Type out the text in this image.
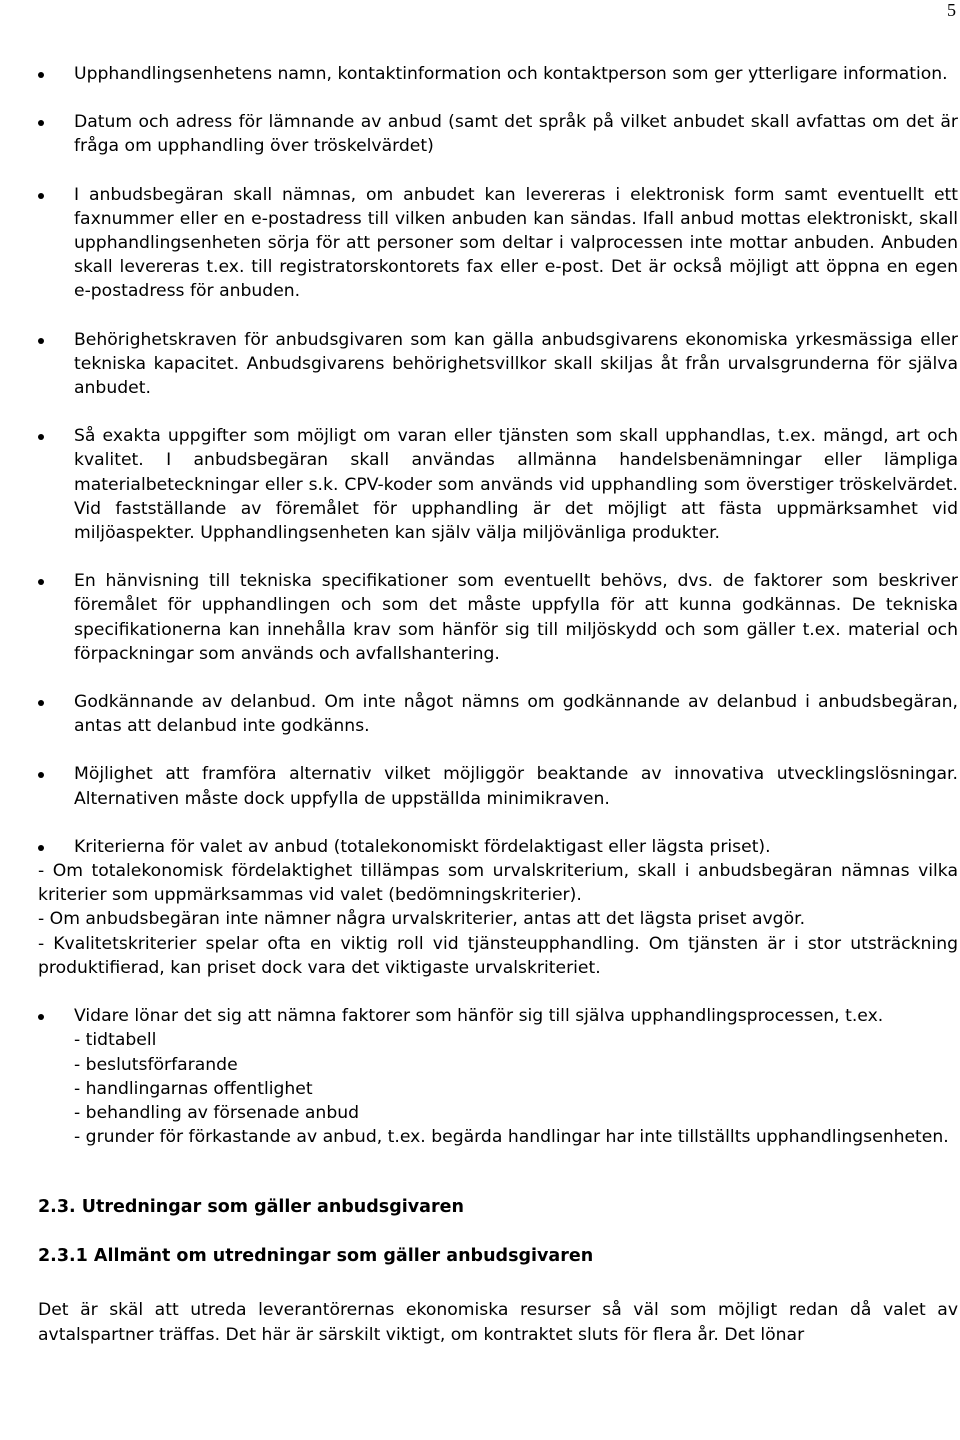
5

Upphandlingsenhetens namn, kontaktinformation och kontaktperson som ger ytterligare information.

Datum och adress för lämnande av anbud (samt det språk på vilket anbudet skall avfattas om det är fråga om upphandling över tröskelvärdet)

I anbudsbegäran skall nämnas, om anbudet kan levereras i elektronisk form samt eventuellt ett faxnummer eller en e-postadress till vilken anbuden kan sändas. Ifall anbud mottas elektroniskt, skall upphandlingsenheten sörja för att personer som deltar i valprocessen inte mottar anbuden. Anbuden skall levereras t.ex. till registratorskontorets fax eller e-post. Det är också möjligt att öppna en egen e-postadress för anbuden.

Behörighetskraven för anbudsgivaren som kan gälla anbudsgivarens ekonomiska yrkesmässiga eller tekniska kapacitet. Anbudsgivarens behörighetsvillkor skall skiljas åt från urvalsgrunderna för själva anbudet.

Så exakta uppgifter som möjligt om varan eller tjänsten som skall upphandlas, t.ex. mängd, art och kvalitet. I anbudsbegäran skall användas allmänna handelsbenämningar eller lämpliga materialbeteckningar eller s.k. CPV-koder som används vid upphandling som överstiger tröskelvärdet. Vid fastställande av föremålet för upphandling är det möjligt att fästa uppmärksamhet vid miljöaspekter. Upphandlingsenheten kan själv välja miljövänliga produkter.

En hänvisning till tekniska specifikationer som eventuellt behövs, dvs. de faktorer som beskriver föremålet för upphandlingen och som det måste uppfylla för att kunna godkännas. De tekniska specifikationerna kan innehålla krav som hänför sig till miljöskydd och som gäller t.ex. material och förpackningar som används och avfallshantering.

Godkännande av delanbud. Om inte något nämns om godkännande av delanbud i anbudsbegäran, antas att delanbud inte godkänns.

Möjlighet att framföra alternativ vilket möjliggör beaktande av innovativa utvecklingslösningar. Alternativen måste dock uppfylla de uppställda minimikraven.

Kriterierna för valet av anbud (totalekonomiskt fördelaktigast eller lägsta priset).

- Om totalekonomisk fördelaktighet tillämpas som urvalskriterium, skall i anbudsbegäran nämnas vilka kriterier som uppmärksammas vid valet (bedömningskriterier).

- Om anbudsbegäran inte nämner några urvalskriterier, antas att det lägsta priset avgör.

- Kvalitetskriterier spelar ofta en viktig roll vid tjänsteupphandling. Om tjänsten är i stor utsträckning produktifierad, kan priset dock vara det viktigaste urvalskriteriet.

Vidare lönar det sig att nämna faktorer som hänför sig till själva upphandlingsprocessen, t.ex.

- tidtabell

- beslutsförfarande

- handlingarnas offentlighet

- behandling av försenade anbud

- grunder för förkastande av anbud, t.ex. begärda handlingar har inte tillställts upphandlingsenheten.

2.3. Utredningar som gäller anbudsgivaren
2.3.1 Allmänt om utredningar som gäller anbudsgivaren

Det är skäl att utreda leverantörernas ekonomiska resurser så väl som möjligt redan då valet av avtalspartner träffas. Det här är särskilt viktigt, om kontraktet sluts för flera år. Det lönar
